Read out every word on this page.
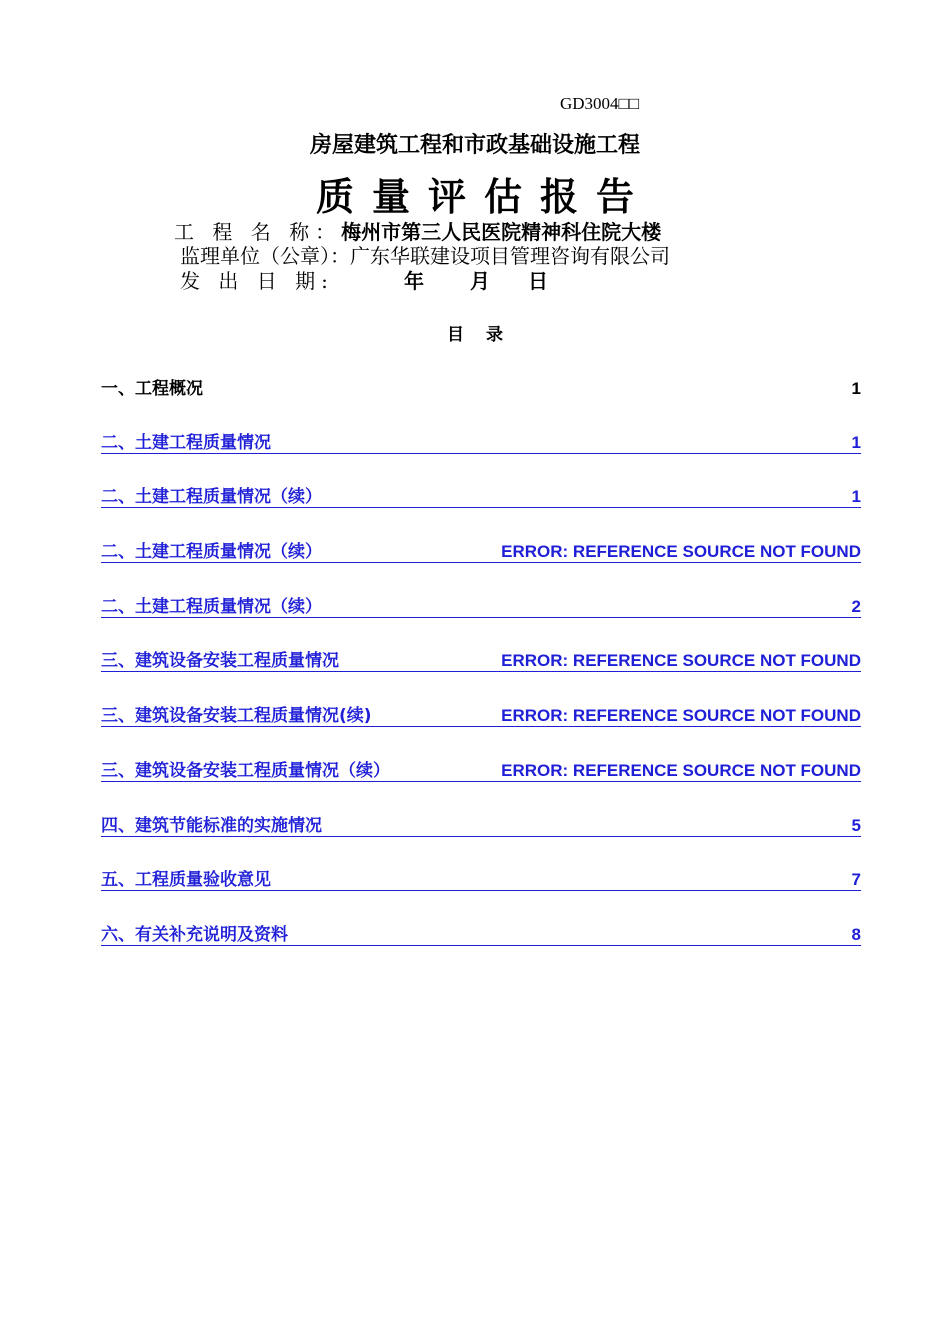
GD3004□□
房屋建筑工程和市政基础设施工程
质量评估报告
工 程 名 称：梅州市第三人民医院精神科住院大楼
监理单位（公章）：广东华联建设项目管理咨询有限公司
发 出 日 期:	年 月 日
目录
一、工程概况	1
二、土建工程质量情况	1
二、土建工程质量情况（续）	1
二、土建工程质量情况（续）	ERROR: REFERENCE SOURCE NOT FOUND
二、土建工程质量情况（续）	2
三、建筑设备安装工程质量情况	ERROR: REFERENCE SOURCE NOT FOUND
三、建筑设备安装工程质量情况(续)	ERROR: REFERENCE SOURCE NOT FOUND
三、建筑设备安装工程质量情况（续）	ERROR: REFERENCE SOURCE NOT FOUND
四、建筑节能标准的实施情况	5
五、工程质量验收意见	7
六、有关补充说明及资料	8
